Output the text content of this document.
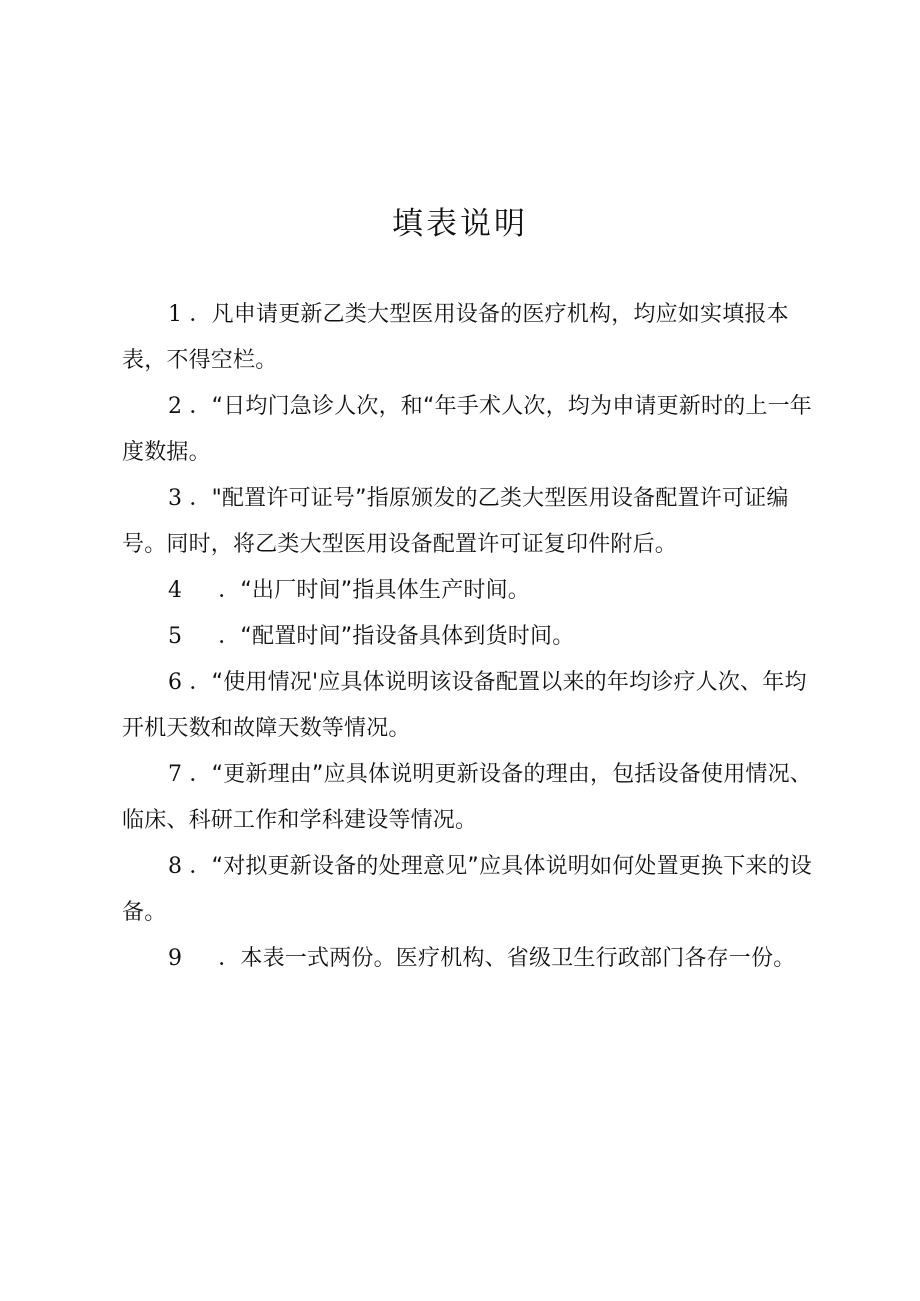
填表说明

1 ．凡申请更新乙类大型医用设备的医疗机构，均应如实填报本表，不得空栏。

2 ．“日均门急诊人次，和“年手术人次，均为申请更新时的上一年度数据。

3 ．"配置许可证号”指原颁发的乙类大型医用设备配置许可证编号。同时，将乙类大型医用设备配置许可证复印件附后。

4 ．“出厂时间”指具体生产时间。

5 ．“配置时间”指设备具体到货时间。

6 ．“使用情况'应具体说明该设备配置以来的年均诊疗人次、年均开机天数和故障天数等情况。

7 ．“更新理由”应具体说明更新设备的理由，包括设备使用情况、临床、科研工作和学科建设等情况。

8 ．“对拟更新设备的处理意见”应具体说明如何处置更换下来的设备。

9 ．本表一式两份。医疗机构、省级卫生行政部门各存一份。
